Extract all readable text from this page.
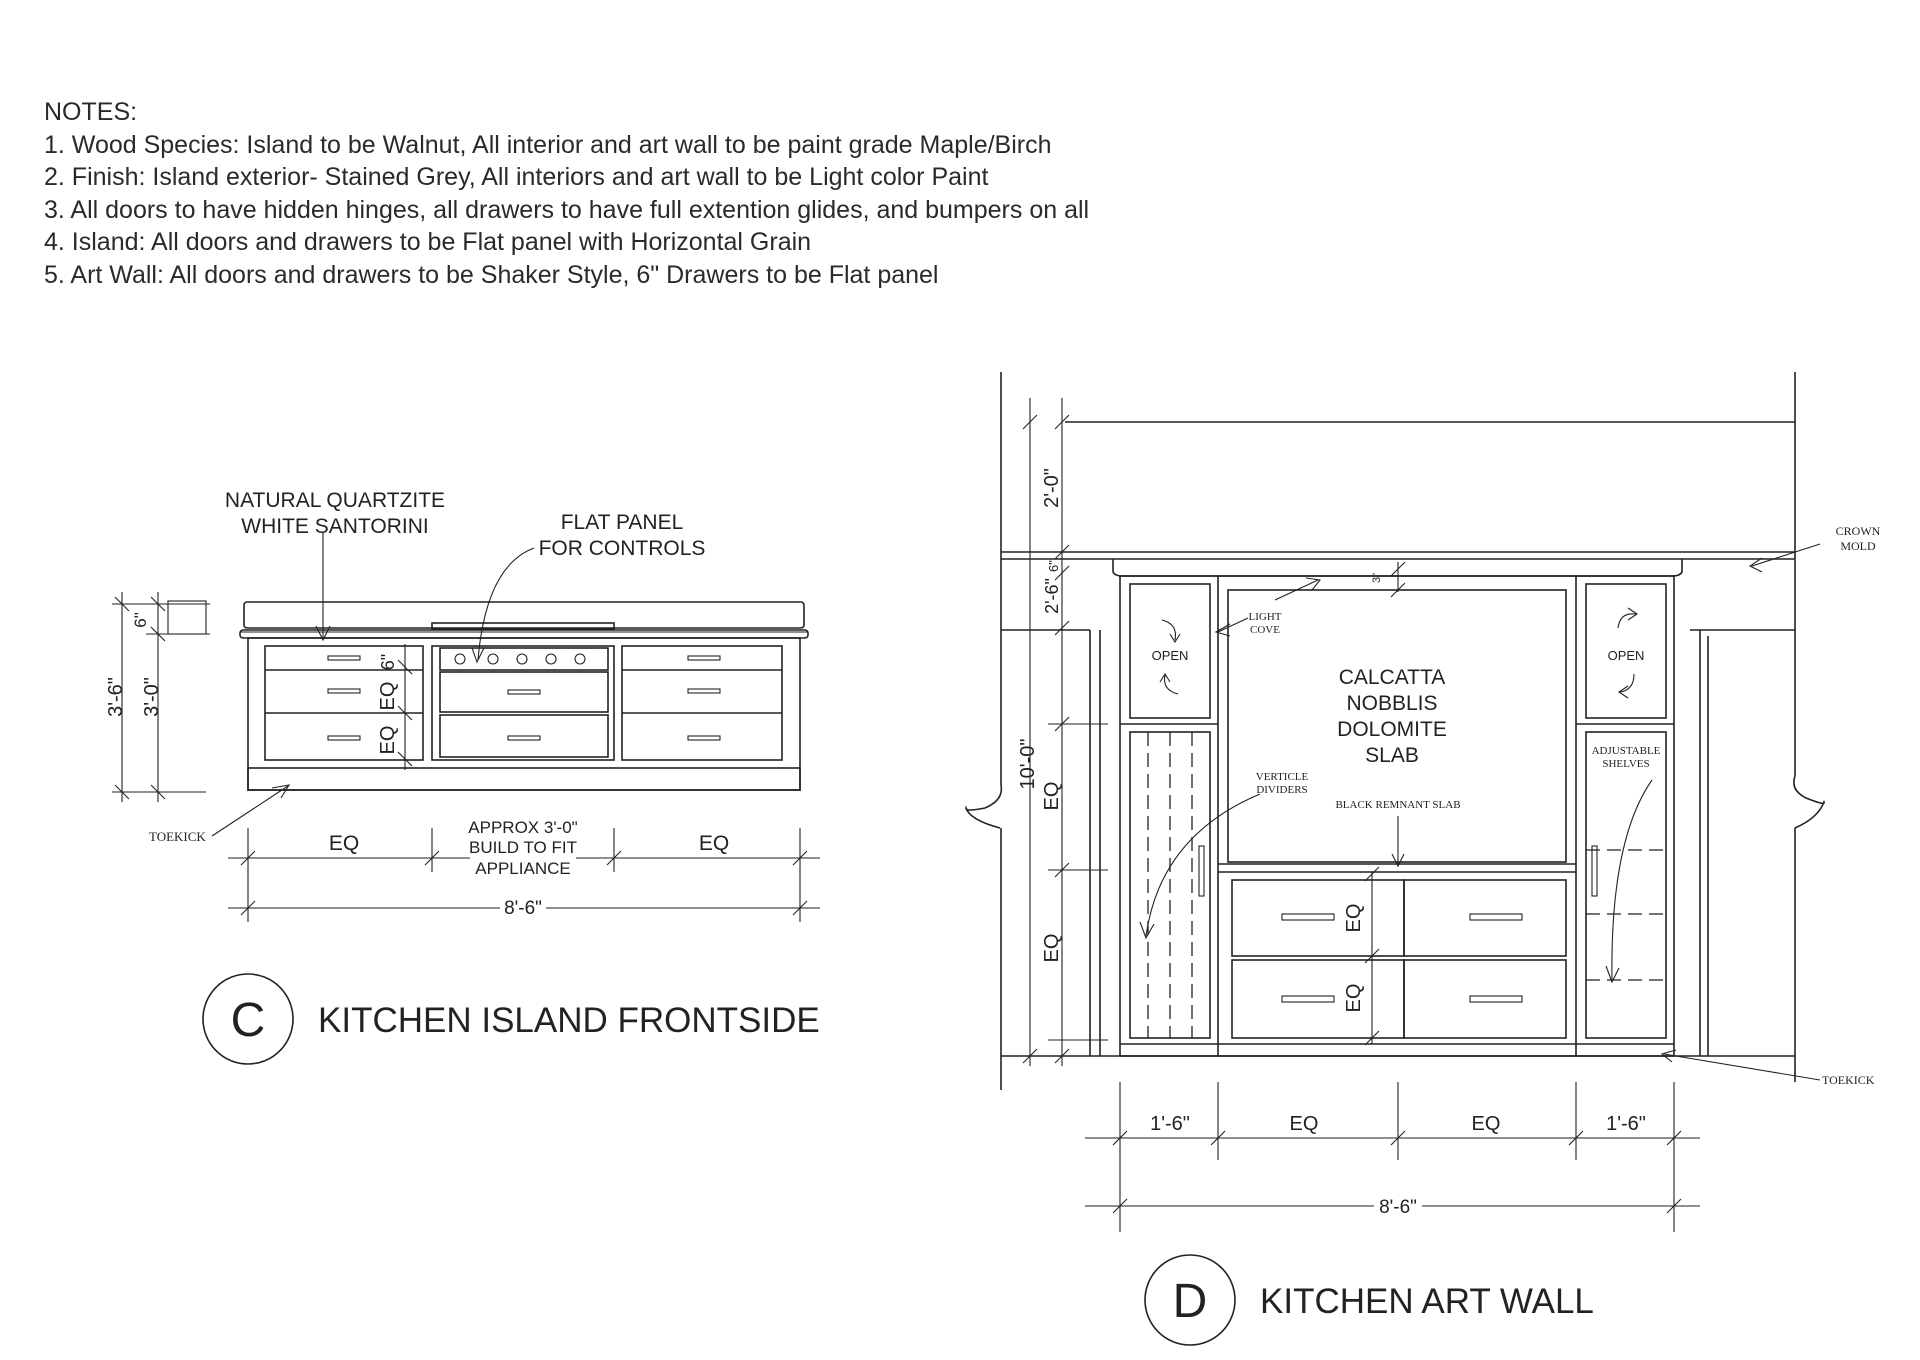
NOTES:
1. Wood Species: Island to be Walnut, All interior and art wall to be paint grade Maple/Birch
2. Finish: Island exterior- Stained Grey, All interiors and art wall to be Light color Paint
3. All doors to have hidden hinges, all drawers to have full extention glides, and bumpers on all
4. Island: All doors and drawers to be Flat panel with Horizontal Grain
5. Art Wall: All doors and drawers to be Shaker Style, 6" Drawers to be Flat panel
3'-6" 3'-0"
6"
6"
EQ
EQ
NATURAL QUARTZITE
WHITE SANTORINI	FLAT PANEL
FOR CONTROLS
TOEKICK	EQ	EQ
APPROX 3'-0"
BUILD TO FIT
APPLIANCE
8'-6"
C KITCHEN ISLAND FRONTSIDE
OPEN	OPEN
CALCATTA
NOBBLIS
DOLOMITE
SLAB
BLACK REMNANT SLAB
EQ
EQ
2'-0"
2'-6"
6"
10'-0"
EQ
EQ
3"
CROWN
MOLD
LIGHT
COVE
VERTICLE
DIVIDERS
ADJUSTABLE
SHELVES
TOEKICK
1'-6"	EQ	EQ	1'-6"
8'-6"
D KITCHEN ART WALL
